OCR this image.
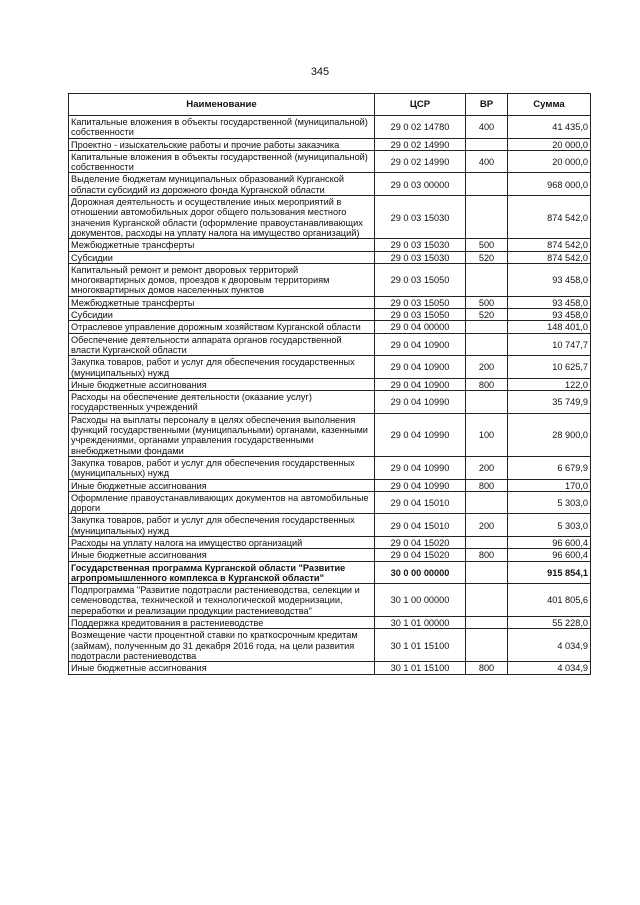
345
Наименование	ЦСР	ВР	Сумма
Капитальные вложения в объекты государственной (муниципальной) собственности	29 0 02 14780	400	41 435,0
Проектно - изыскательские работы и прочие работы заказчика	29 0 02 14990		20 000,0
Капитальные вложения в объекты государственной (муниципальной) собственности	29 0 02 14990	400	20 000,0
Выделение бюджетам муниципальных образований Курганской области субсидий из дорожного фонда Курганской области	29 0 03 00000		968 000,0
Дорожная деятельность и осуществление иных мероприятий в отношении автомобильных дорог общего пользования местного значения Курганской области (оформление правоустанавливающих документов, расходы на уплату налога на имущество организаций)	29 0 03 15030		874 542,0
Межбюджетные трансферты	29 0 03 15030	500	874 542,0
Субсидии	29 0 03 15030	520	874 542,0
Капитальный ремонт и ремонт дворовых территорий многоквартирных домов, проездов к дворовым территориям многоквартирных домов населенных пунктов	29 0 03 15050		93 458,0
Межбюджетные трансферты	29 0 03 15050	500	93 458,0
Субсидии	29 0 03 15050	520	93 458,0
Отраслевое управление дорожным хозяйством Курганской области	29 0 04 00000		148 401,0
Обеспечение деятельности аппарата органов государственной власти Курганской области	29 0 04 10900		10 747,7
Закупка товаров, работ и услуг для обеспечения государственных (муниципальных) нужд	29 0 04 10900	200	10 625,7
Иные бюджетные ассигнования	29 0 04 10900	800	122,0
Расходы на обеспечение деятельности (оказание услуг) государственных учреждений	29 0 04 10990		35 749,9
Расходы на выплаты персоналу в целях обеспечения выполнения функций государственными (муниципальными) органами, казенными учреждениями, органами управления государственными внебюджетными фондами	29 0 04 10990	100	28 900,0
Закупка товаров, работ и услуг для обеспечения государственных (муниципальных) нужд	29 0 04 10990	200	6 679,9
Иные бюджетные ассигнования	29 0 04 10990	800	170,0
Оформление правоустанавливающих документов на автомобильные дороги	29 0 04 15010		5 303,0
Закупка товаров, работ и услуг для обеспечения государственных (муниципальных) нужд	29 0 04 15010	200	5 303,0
Расходы на уплату налога на имущество организаций	29 0 04 15020		96 600,4
Иные бюджетные ассигнования	29 0 04 15020	800	96 600,4
Государственная программа Курганской области "Развитие агропромышленного комплекса в Курганской области"	30 0 00 00000		915 854,1
Подпрограмма "Развитие подотрасли растениеводства, селекции и семеноводства, технической и технологической модернизации, переработки и реализации продукции растениеводства"	30 1 00 00000		401 805,6
Поддержка кредитования в растениеводстве	30 1 01 00000		55 228,0
Возмещение части процентной ставки по краткосрочным кредитам (займам), полученным до 31 декабря 2016 года, на цели развития подотрасли растениеводства	30 1 01 15100		4 034,9
Иные бюджетные ассигнования	30 1 01 15100	800	4 034,9
